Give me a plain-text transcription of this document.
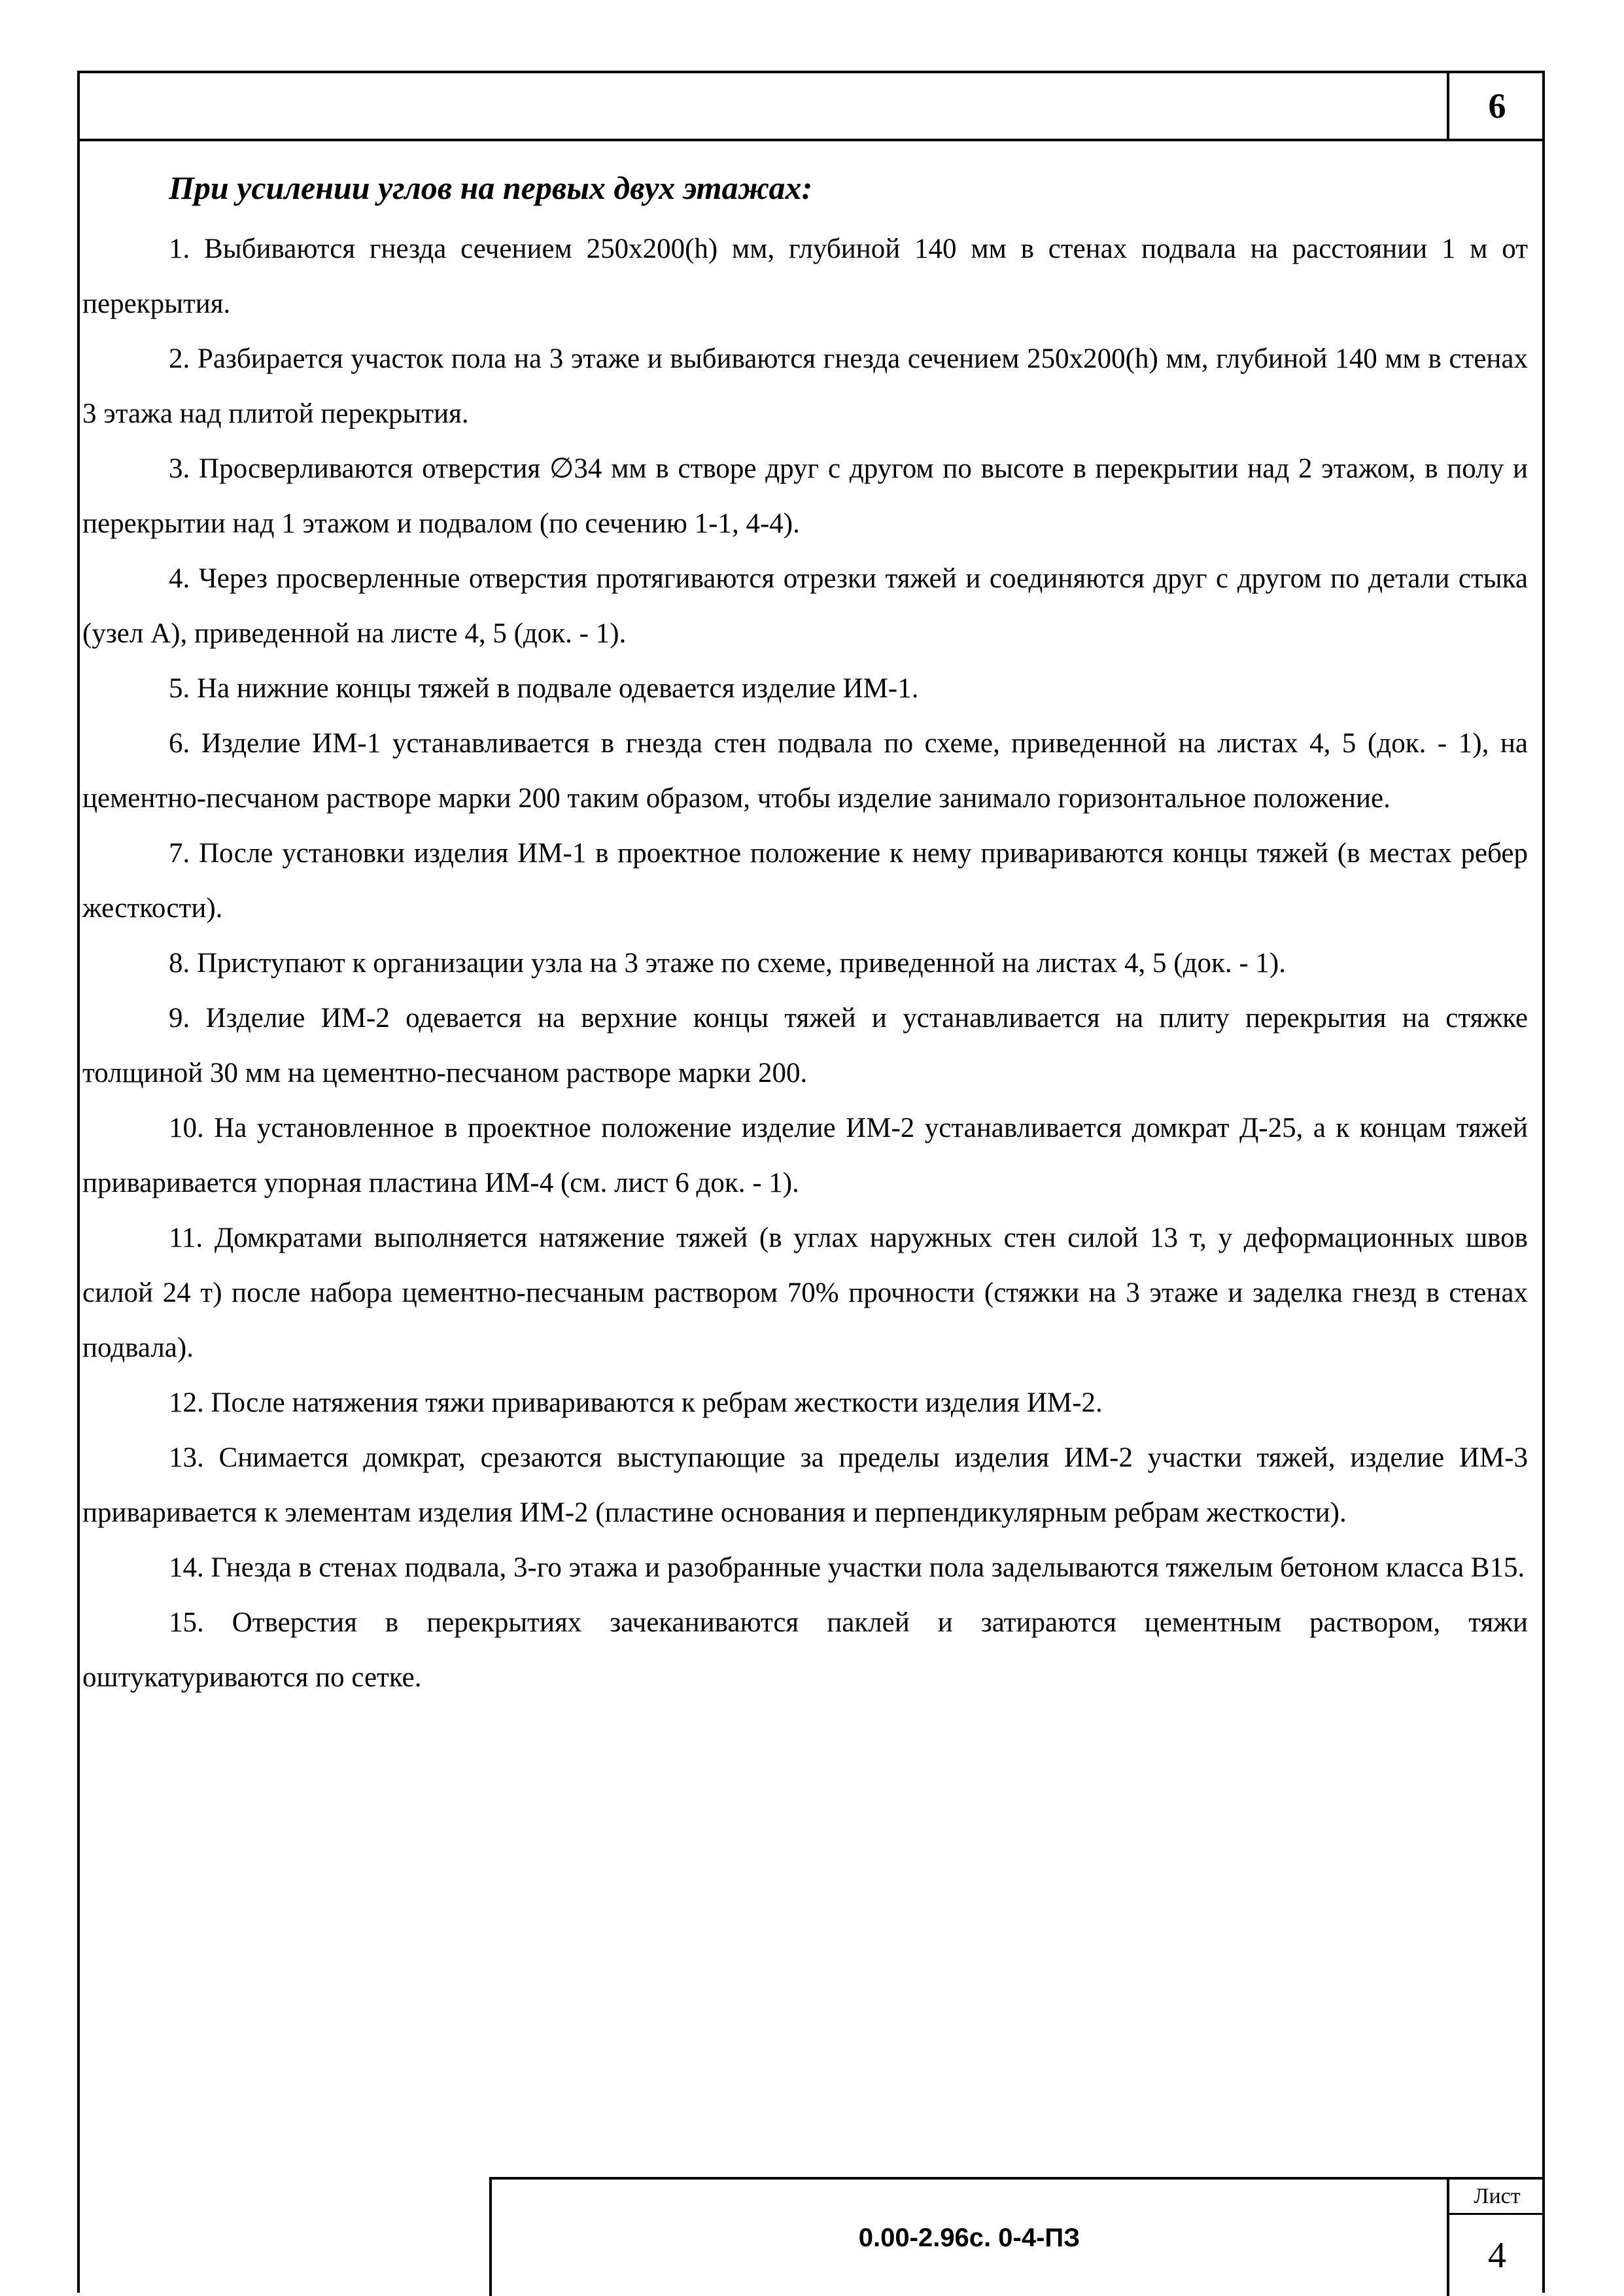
6

При усилении углов на первых двух этажах:

1. Выбиваются гнезда сечением 250х200(h) мм, глубиной 140 мм в стенах подвала на расстоянии 1 м от перекрытия.

2. Разбирается участок пола на 3 этаже и выбиваются гнезда сечением 250х200(h) мм, глубиной 140 мм в стенах 3 этажа над плитой перекрытия.

3. Просверливаются отверстия ∅34 мм в створе друг с другом по высоте в перекрытии над 2 этажом, в полу и перекрытии над 1 этажом и подвалом (по сечению 1-1, 4-4).

4. Через просверленные отверстия протягиваются отрезки тяжей и соединяются друг с другом по детали стыка (узел А), приведенной на листе 4, 5 (док. - 1).

5. На нижние концы тяжей в подвале одевается изделие ИМ-1.

6. Изделие ИМ-1 устанавливается в гнезда стен подвала по схеме, приведенной на листах 4, 5 (док. - 1), на цементно-песчаном растворе марки 200 таким образом, чтобы изделие занимало горизонтальное положение.

7. После установки изделия ИМ-1 в проектное положение к нему привариваются концы тяжей (в местах ребер жесткости).

8. Приступают к организации узла на 3 этаже по схеме, приведенной на листах 4, 5 (док. - 1).

9. Изделие ИМ-2 одевается на верхние концы тяжей и устанавливается на плиту перекрытия на стяжке толщиной 30 мм на цементно-песчаном растворе марки 200.

10. На установленное в проектное положение изделие ИМ-2 устанавливается домкрат Д-25, а к концам тяжей приваривается упорная пластина ИМ-4 (см. лист 6 док. - 1).

11. Домкратами выполняется натяжение тяжей (в углах наружных стен силой 13 т, у деформационных швов силой 24 т) после набора цементно-песчаным раствором 70% прочности (стяжки на 3 этаже и заделка гнезд в стенах подвала).

12. После натяжения тяжи привариваются к ребрам жесткости изделия ИМ-2.

13. Снимается домкрат, срезаются выступающие за пределы изделия ИМ-2 участки тяжей, изделие ИМ-3 приваривается к элементам изделия ИМ-2 (пластине основания и перпендикулярным ребрам жесткости).

14. Гнезда в стенах подвала, 3-го этажа и разобранные участки пола заделываются тяжелым бетоном класса В15.

15. Отверстия в перекрытиях зачеканиваются паклей и затираются цементным раствором, тяжи оштукатуриваются по сетке.

0.00-2.96с. 0-4-ПЗ
Лист
4
